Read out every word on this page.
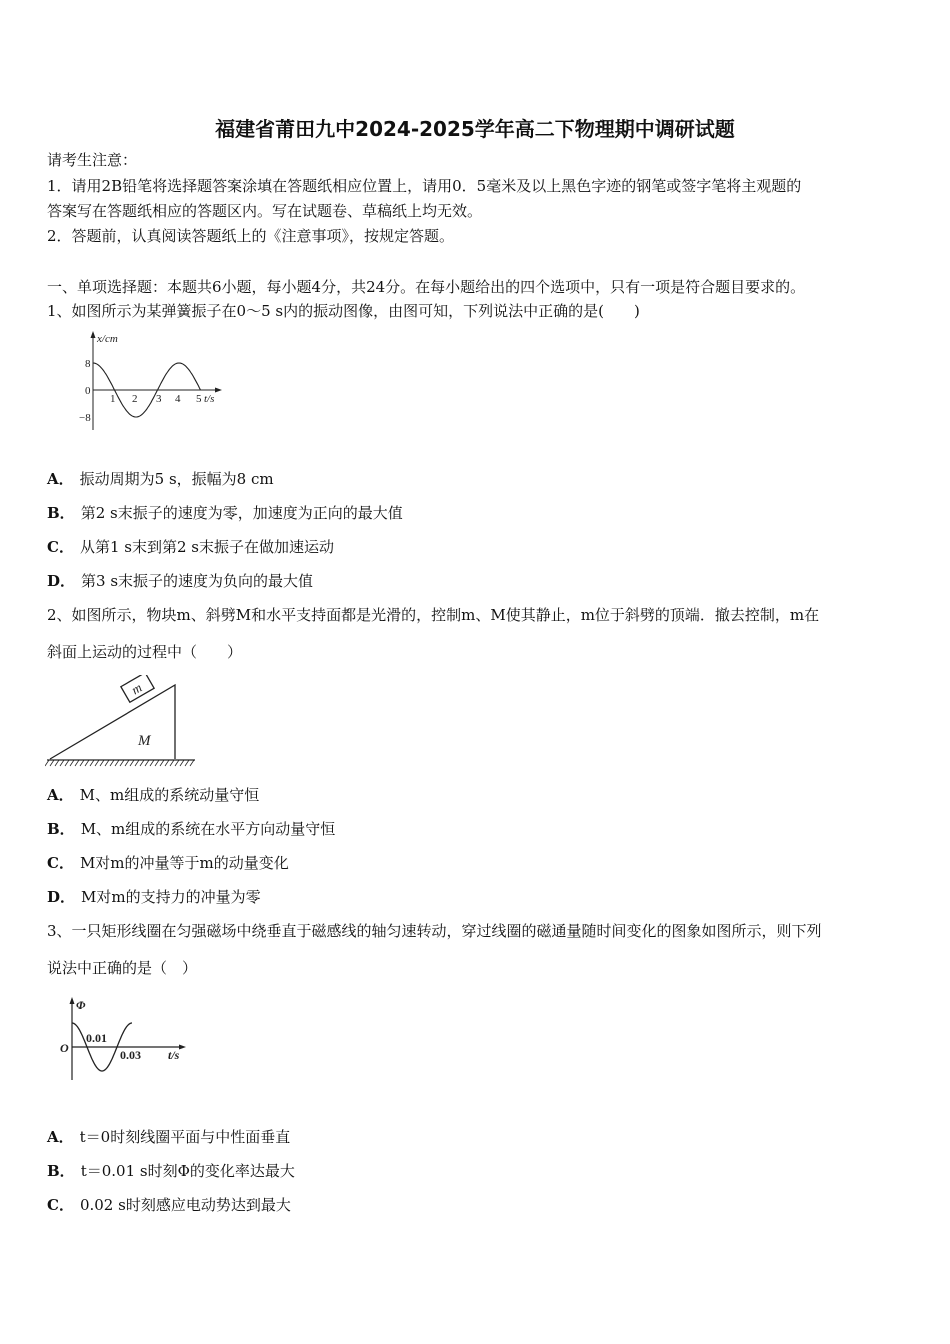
福建省莆田九中2024-2025学年高二下物理期中调研试题
请考生注意：
1．请用2B铅笔将选择题答案涂填在答题纸相应位置上，请用0．5毫米及以上黑色字迹的钢笔或签字笔将主观题的
答案写在答题纸相应的答题区内。写在试题卷、草稿纸上均无效。
2．答题前，认真阅读答题纸上的《注意事项》，按规定答题。
一、单项选择题：本题共6小题，每小题4分，共24分。在每小题给出的四个选项中，只有一项是符合题目要求的。
1、如图所示为某弹簧振子在0～5 s内的振动图像，由图可知，下列说法中正确的是(　　)
x/cm
8
0
−8
1 2 3 4 5 t/s
A． 振动周期为5 s，振幅为8 cm
B． 第2 s末振子的速度为零，加速度为正向的最大值
C． 从第1 s末到第2 s末振子在做加速运动
D． 第3 s末振子的速度为负向的最大值
2、如图所示，物块m、斜劈M和水平支持面都是光滑的，控制m、M使其静止，m位于斜劈的顶端．撤去控制，m在
斜面上运动的过程中（　　）
m
M
A． M、m组成的系统动量守恒
B． M、m组成的系统在水平方向动量守恒
C． M对m的冲量等于m的动量变化
D． M对m的支持力的冲量为零
3、一只矩形线圈在匀强磁场中绕垂直于磁感线的轴匀速转动，穿过线圈的磁通量随时间变化的图象如图所示，则下列
说法中正确的是（　）
Φ
O
0.01
0.03 t/s
A． t＝0时刻线圈平面与中性面垂直
B． t＝0.01 s时刻Φ的变化率达最大
C． 0.02 s时刻感应电动势达到最大
